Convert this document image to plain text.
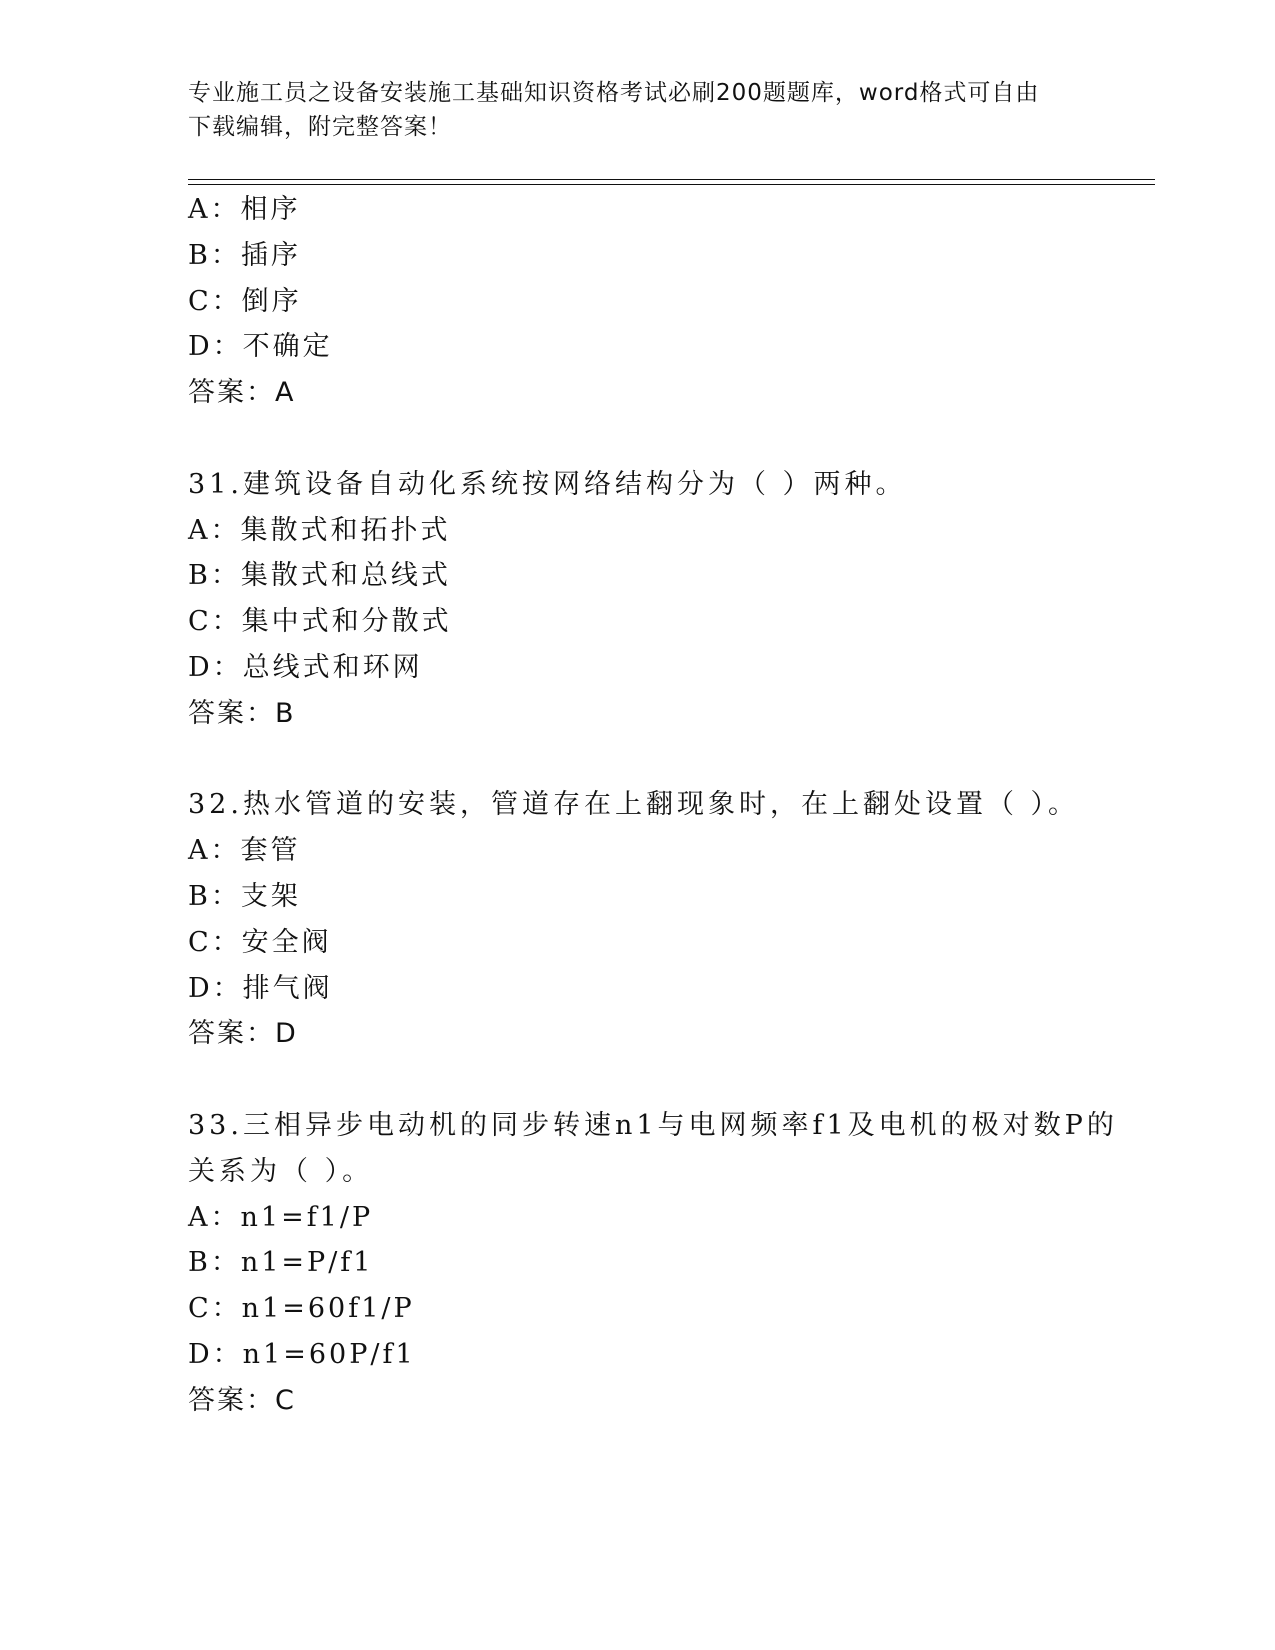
专业施工员之设备安装施工基础知识资格考试必刷200题题库，word格式可自由
下载编辑，附完整答案！
A：相序
B：插序
C：倒序
D：不确定
答案：A
31.建筑设备自动化系统按网络结构分为（ ）两种。
A：集散式和拓扑式
B：集散式和总线式
C：集中式和分散式
D：总线式和环网
答案：B
32.热水管道的安装，管道存在上翻现象时，在上翻处设置（ ）。
A：套管
B：支架
C：安全阀
D：排气阀
答案：D
33.三相异步电动机的同步转速n1与电网频率f1及电机的极对数P的
关系为（ ）。
A：n1=f1/P
B：n1=P/f1
C：n1=60f1/P
D：n1=60P/f1
答案：C
